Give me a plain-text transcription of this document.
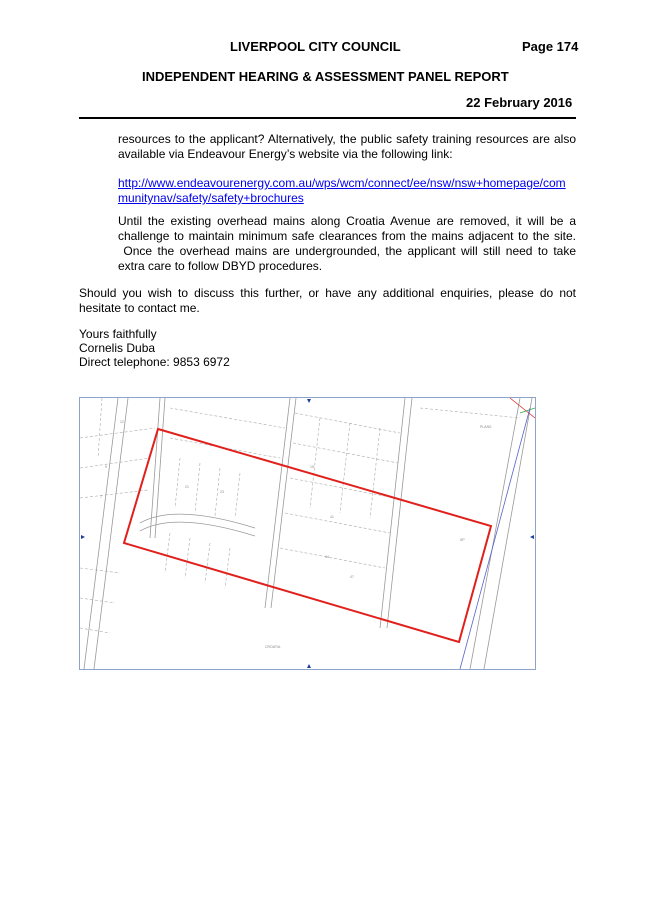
LIVERPOOL CITY COUNCIL	Page 174
INDEPENDENT HEARING & ASSESSMENT PANEL REPORT
22 February 2016
resources to the applicant? Alternatively, the public safety training resources are also available via Endeavour Energy’s website via the following link:
http://www.endeavourenergy.com.au/wps/wcm/connect/ee/nsw/nsw+homepage/com
munitynav/safety/safety+brochures
Until the existing overhead mains along Croatia Avenue are removed, it will be a challenge to maintain minimum safe clearances from the mains adjacent to the site.  Once the overhead mains are undergrounded, the applicant will still need to take extra care to follow DBYD procedures.
Should you wish to discuss this further, or have any additional enquiries, please do not hesitate to contact me.
Yours faithfully
Cornelis Duba
Direct telephone: 9853 6972
12
9
7
21
23
15
41
44
47
CROATIA
PLANS
SP
